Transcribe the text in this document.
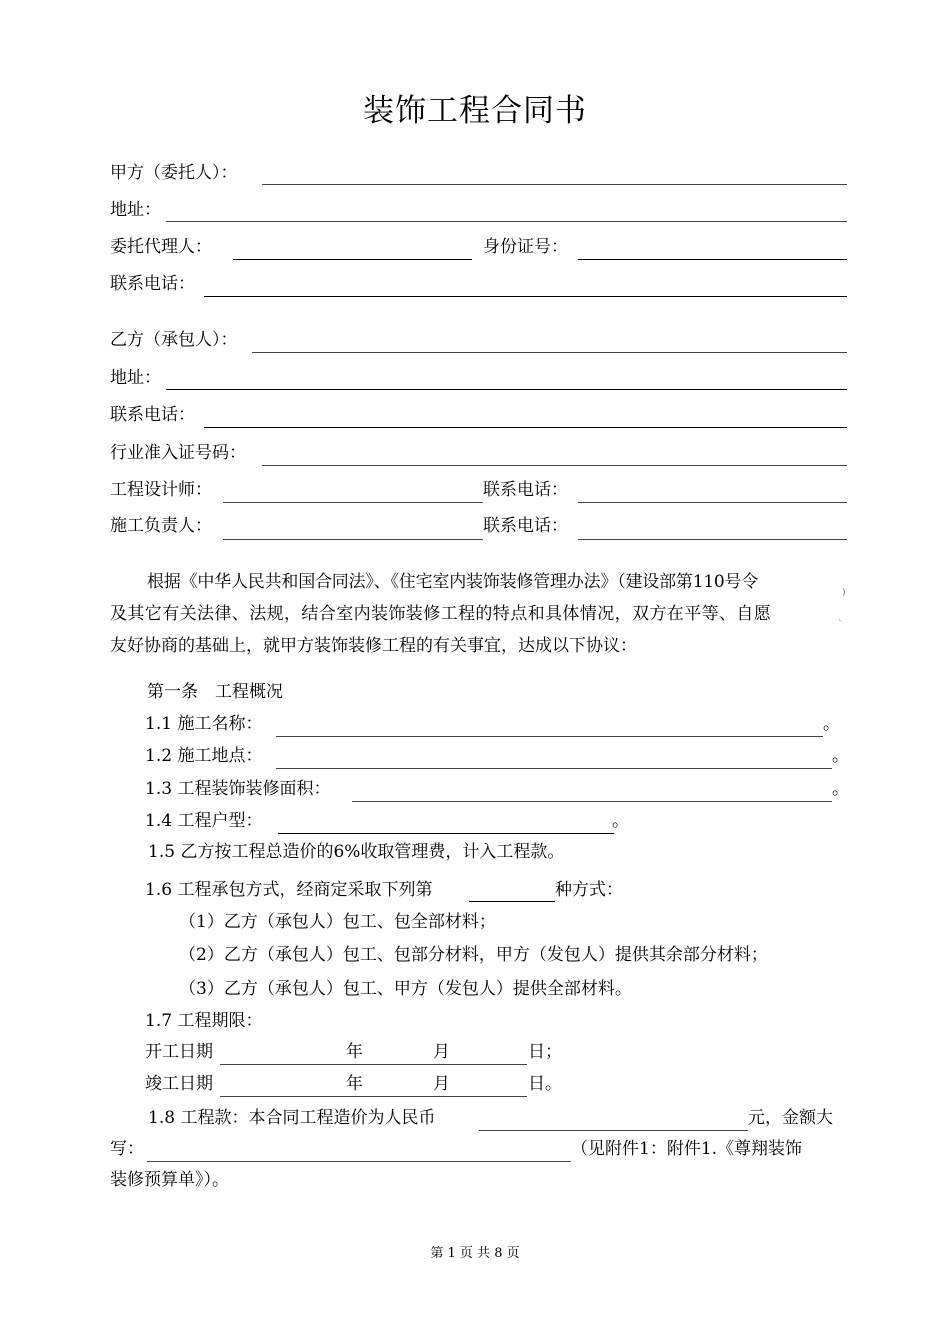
装饰工程合同书
甲方（委托人）：
地址：
委托代理人：	身份证号：
联系电话：
乙方（承包人）：
地址：
联系电话：
行业准入证号码：
工程设计师：	联系电话：
施工负责人：	联系电话：
根据《中华人民共和国合同法》、《住宅室内装饰装修管理办法》（建设部第110号令
)
及其它有关法律、法规，结合室内装饰装修工程的特点和具体情况，双方在平等、自愿
`
友好协商的基础上，就甲方装饰装修工程的有关事宜，达成以下协议：
第一条　工程概况
1.1 施工名称：	。
1.2 施工地点：	。
1.3 工程装饰装修面积：	。
1.4 工程户型：	。
1.5 乙方按工程总造价的6%收取管理费，计入工程款。
1.6 工程承包方式，经商定采取下列第	种方式：
（1）乙方（承包人）包工、包全部材料；
（2）乙方（承包人）包工、包部分材料，甲方（发包人）提供其余部分材料；
（3）乙方（承包人）包工、甲方（发包人）提供全部材料。
1.7 工程期限：
开工日期	年	月	日；
竣工日期	年	月	日。
1.8 工程款：本合同工程造价为人民币	元，金额大
写：	（见附件1：附件1.《尊翔装饰
装修预算单》）。
第 1 页 共 8 页
